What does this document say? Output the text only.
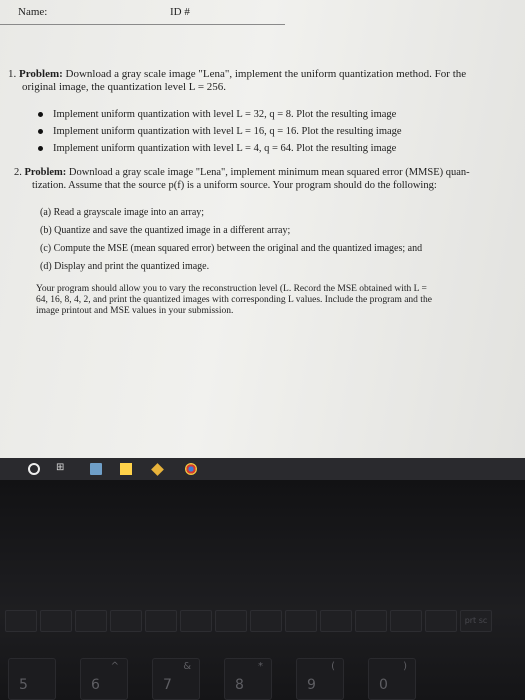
Name:	ID #
1. Problem: Download a gray scale image "Lena", implement the uniform quantization method. For the
original image, the quantization level L = 256.
Implement uniform quantization with level L = 32, q = 8. Plot the resulting image
Implement uniform quantization with level L = 16, q = 16. Plot the resulting image
Implement uniform quantization with level L = 4, q = 64. Plot the resulting image
2. Problem: Download a gray scale image "Lena", implement minimum mean squared error (MMSE) quan-
tization. Assume that the source p(f) is a uniform source. Your program should do the following:
(a) Read a grayscale image into an array;
(b) Quantize and save the quantized image in a different array;
(c) Compute the MSE (mean squared error) between the original and the quantized images; and
(d) Display and print the quantized image.
Your program should allow you to vary the reconstruction level (L. Record the MSE obtained with L =
64, 16, 8, 4, 2, and print the quantized images with corresponding L values. Include the program and the
image printout and MSE values in your submission.
⊞
prt sc
5
^
6
&
7
*
8
(
9
)
0
